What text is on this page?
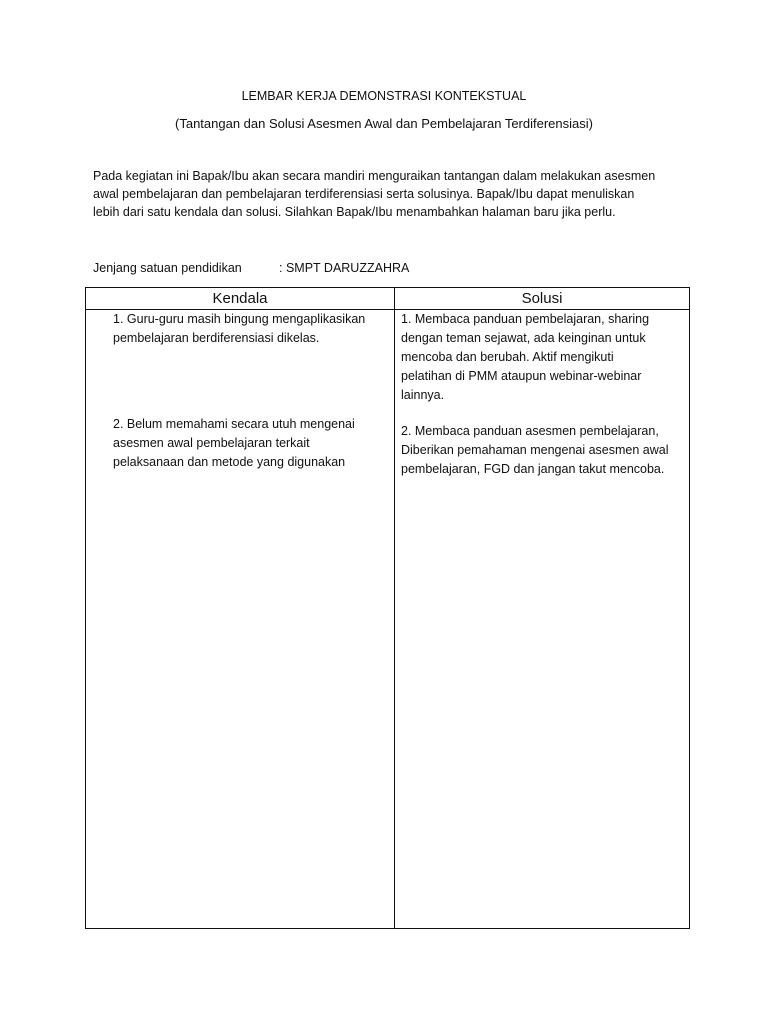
LEMBAR KERJA DEMONSTRASI KONTEKSTUAL
(Tantangan dan Solusi Asesmen Awal dan Pembelajaran Terdiferensiasi)
Pada kegiatan ini Bapak/Ibu akan secara mandiri menguraikan tantangan dalam melakukan asesmen
awal pembelajaran dan pembelajaran terdiferensiasi serta solusinya. Bapak/Ibu dapat menuliskan
lebih dari satu kendala dan solusi. Silahkan Bapak/Ibu menambahkan halaman baru jika perlu.
Jenjang satuan pendidikan	: SMPT DARUZZAHRA
Kendala	Solusi
1. Guru-guru masih bingung mengaplikasikan
pembelajaran berdiferensiasi dikelas.
2. Belum memahami secara utuh mengenai
asesmen awal pembelajaran terkait
pelaksanaan dan metode yang digunakan
1. Membaca panduan pembelajaran, sharing
dengan teman sejawat, ada keinginan untuk
mencoba dan berubah. Aktif mengikuti
pelatihan di PMM ataupun webinar-webinar
lainnya.
2. Membaca panduan asesmen pembelajaran,
Diberikan pemahaman mengenai asesmen awal
pembelajaran, FGD dan jangan takut mencoba.
